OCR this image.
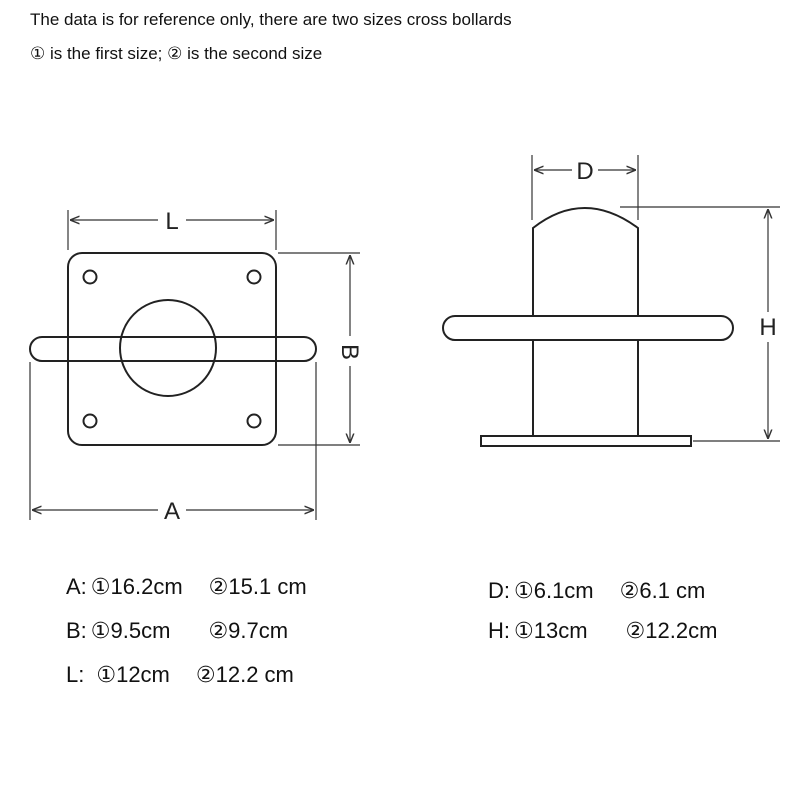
The data is for reference only, there are two sizes cross bollards
① is the first size; ② is the second size
L
B
A
D
H
A: ①16.2cm ②15.1 cm
B: ①9.5cm ②9.7cm
L: ①12cm ②12.2 cm
D: ①6.1cm ②6.1 cm
H: ①13cm ②12.2cm
